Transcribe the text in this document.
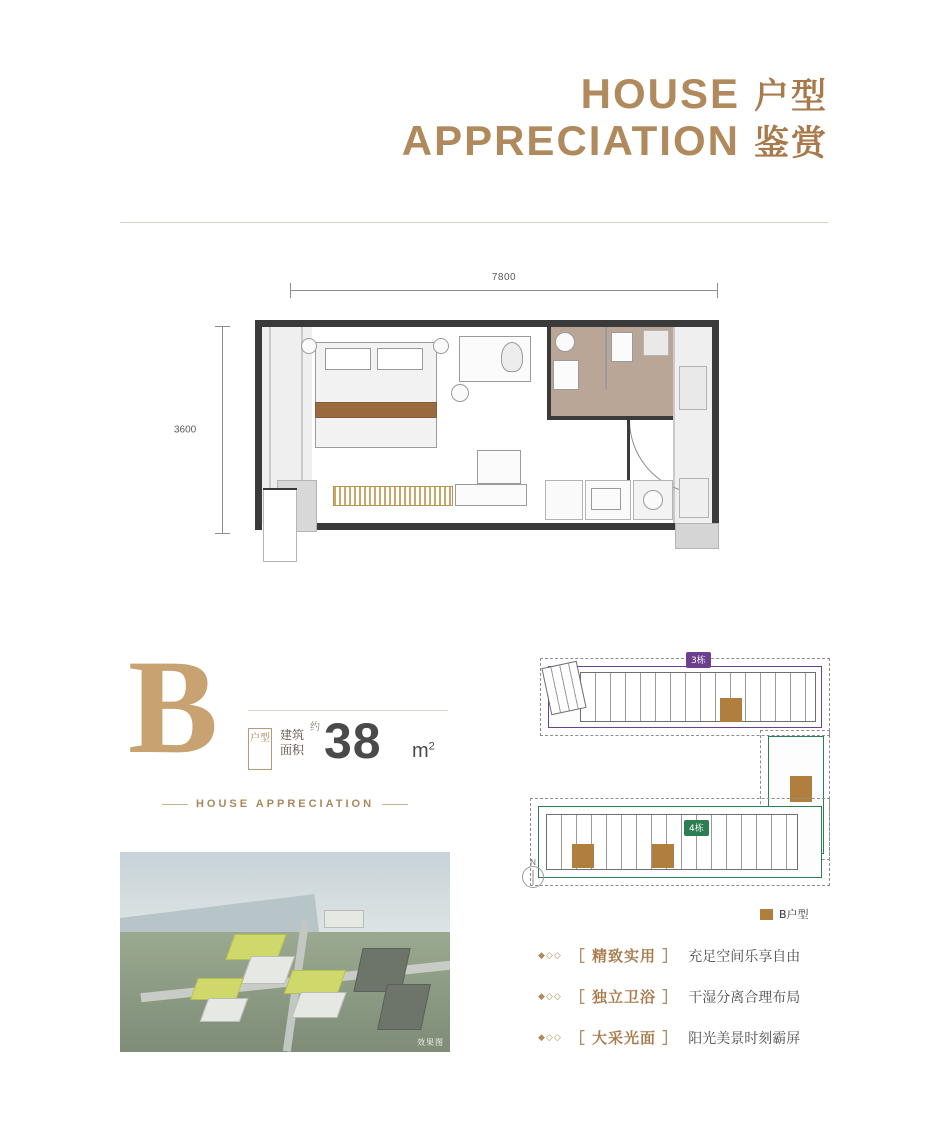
HOUSE 户型
APPRECIATION 鉴赏
7800
3600
B	户型 建筑面积
约 38 $m^2$
HOUSE APPRECIATION
效果图
3栋
4栋
N
B户型
◆◇◇ ［ 精致实用 ］ 充足空间乐享自由
◆◇◇ ［ 独立卫浴 ］ 干湿分离合理布局
◆◇◇ ［ 大采光面 ］ 阳光美景时刻霸屏
